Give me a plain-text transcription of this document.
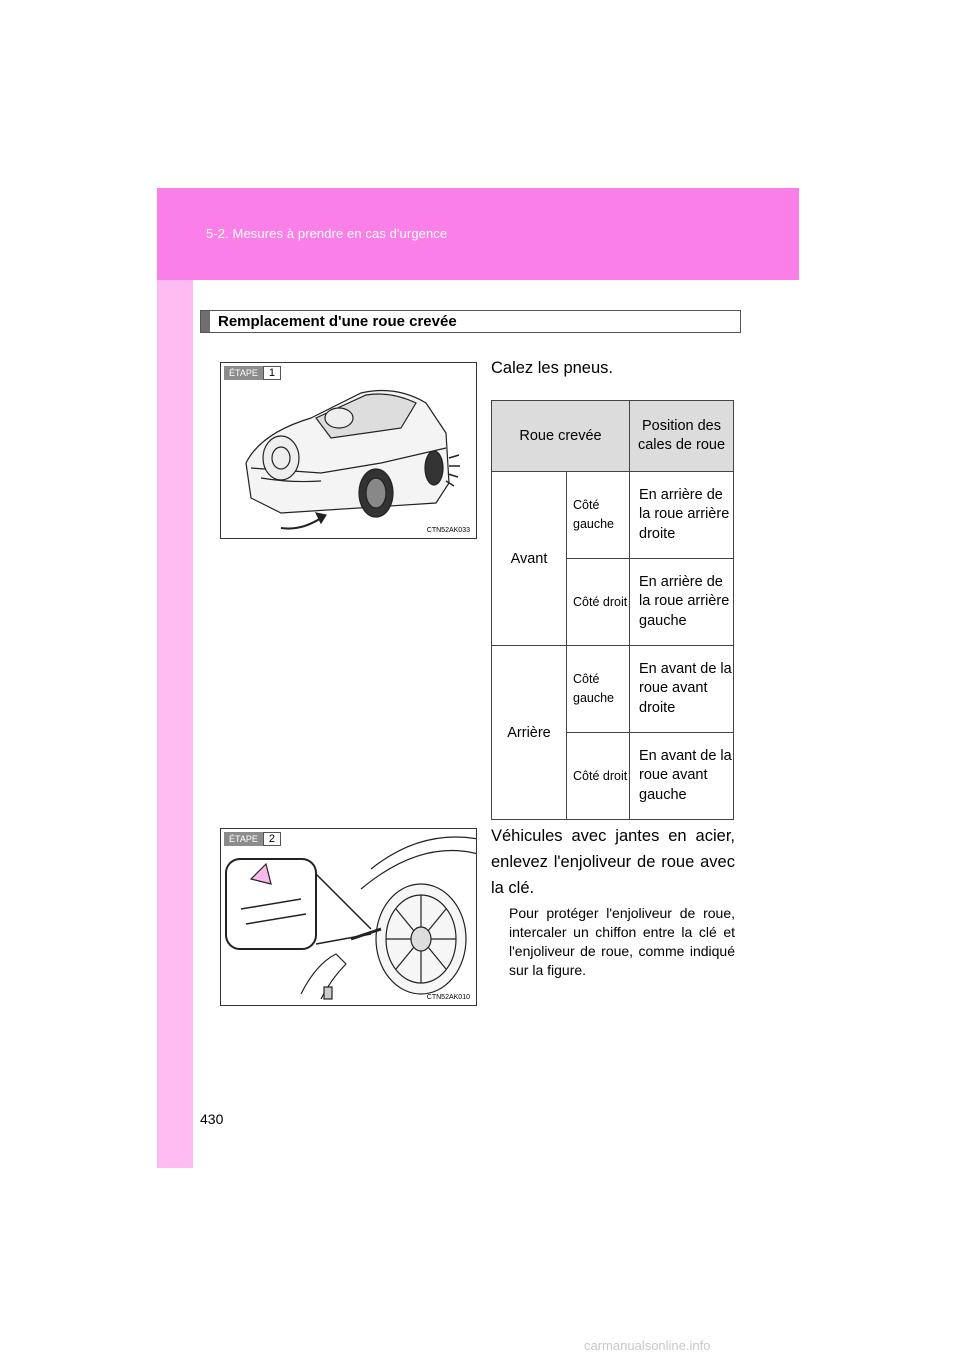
5-2. Mesures à prendre en cas d'urgence
Remplacement d'une roue crevée
ÉTAPE	1
CTN52AK033
Calez les pneus.
Roue crevée		Position des cales de roue
Avant	Côté gauche	En arrière de la roue arrière droite
	Côté droit	En arrière de la roue arrière gauche
Arrière	Côté gauche	En avant de la roue avant droite
	Côté droit	En avant de la roue avant gauche
ÉTAPE	2
CTN52AK010
Véhicules avec jantes en acier, enlevez l'enjoliveur de roue avec la clé.
Pour protéger l'enjoliveur de roue, intercaler un chiffon entre la clé et l'enjoliveur de roue, comme indiqué sur la figure.
430
carmanualsonline.info
